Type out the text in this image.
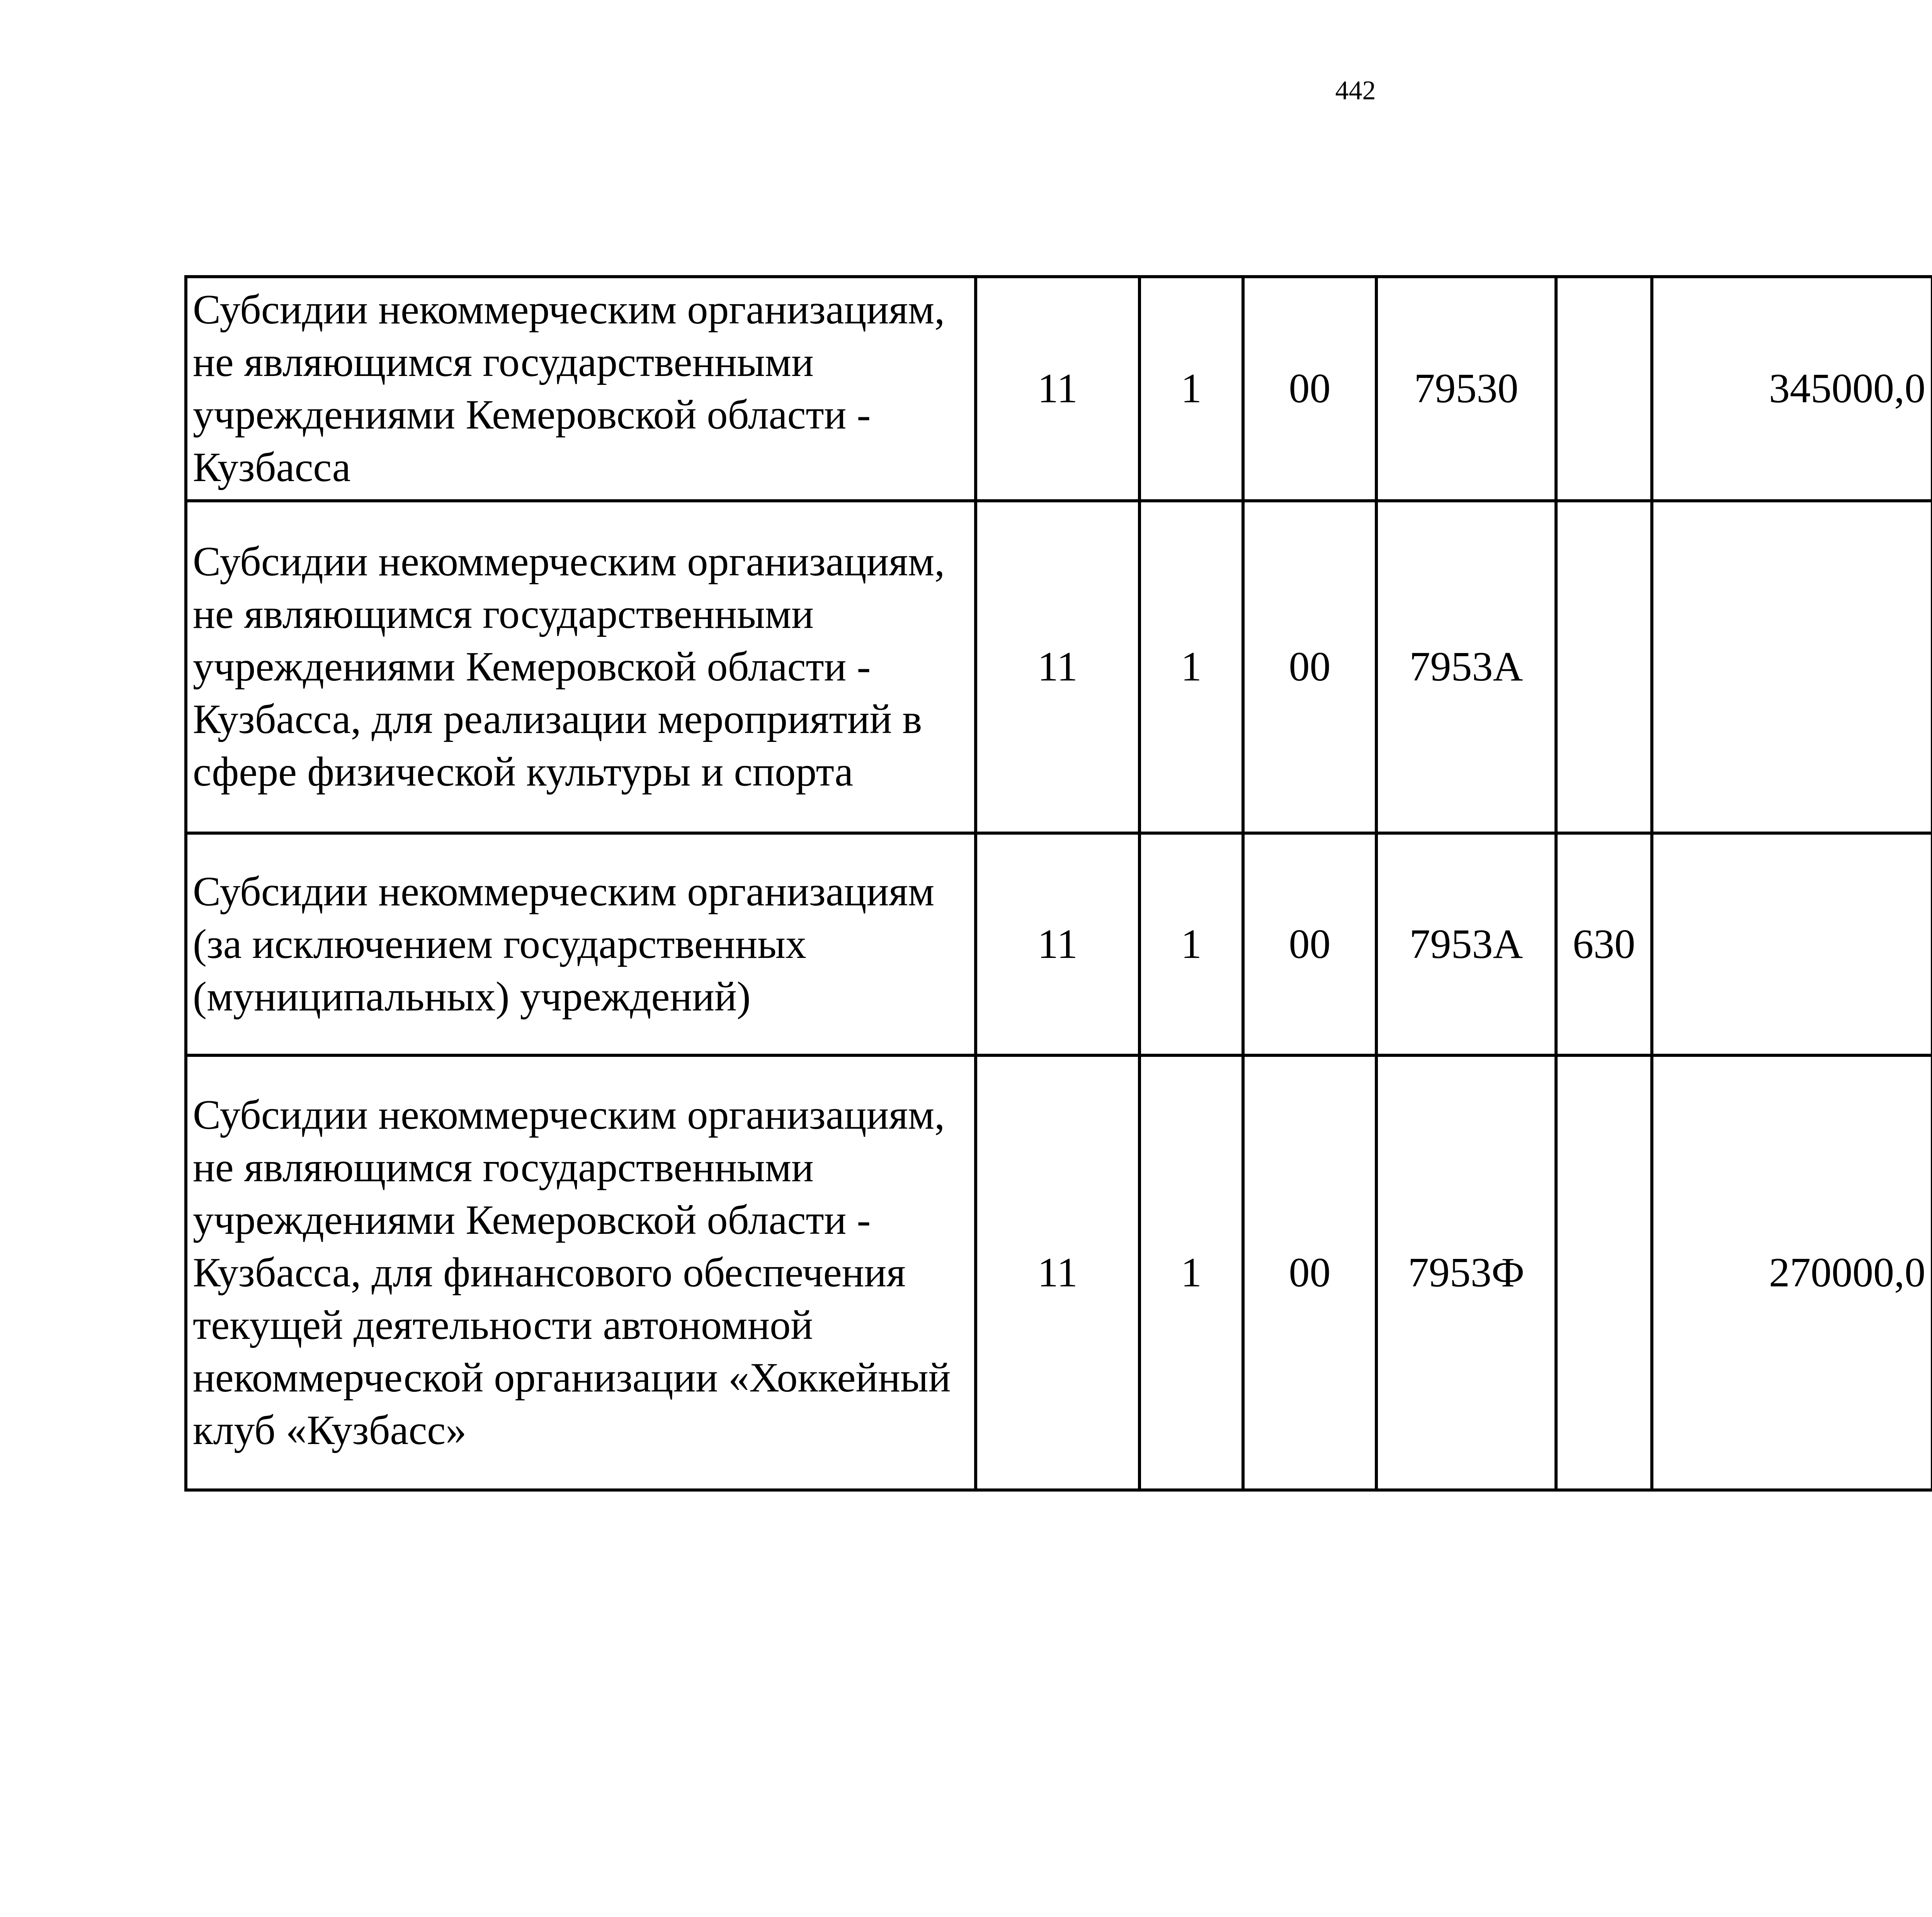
442
Субсидии некоммерческим организациям, не являющимся государственными учреждениями Кемеровской области - Кузбасса	11	1	00	79530		345000,0		
Субсидии некоммерческим организациям, не являющимся государственными учреждениями Кемеровской области - Кузбасса, для реализации мероприятий в сфере физической культуры и спорта	11	1	00	7953А				
Субсидии некоммерческим организациям (за исключением государственных (муниципальных) учреждений)	11	1	00	7953А	630			
Субсидии некоммерческим организациям, не являющимся государственными учреждениями Кемеровской области - Кузбасса, для финансового обеспечения текущей деятельности автономной некоммерческой организации «Хоккейный клуб «Кузбасс»	11	1	00	7953Ф		270000,0		
